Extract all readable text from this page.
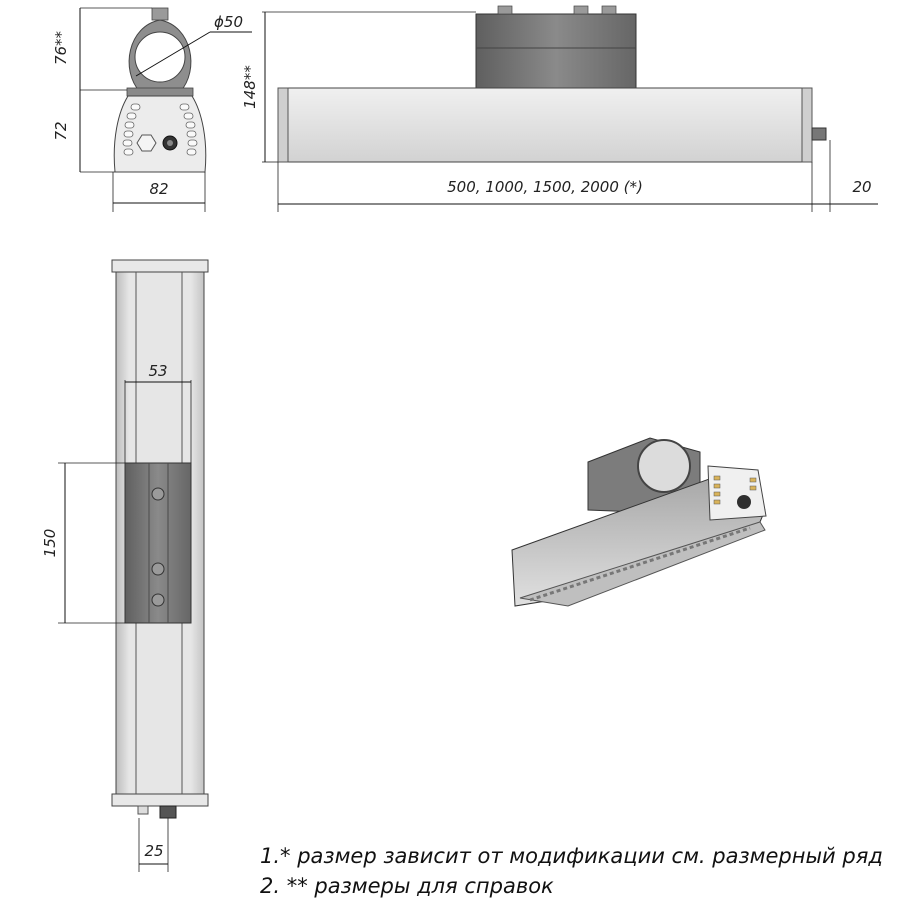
76**
72
82
ϕ50
148**
500, 1000, 1500, 2000 (*)	20
53
150
25	1.* размер зависит от модификации см. размерный ряд
2. ** размеры для справок
